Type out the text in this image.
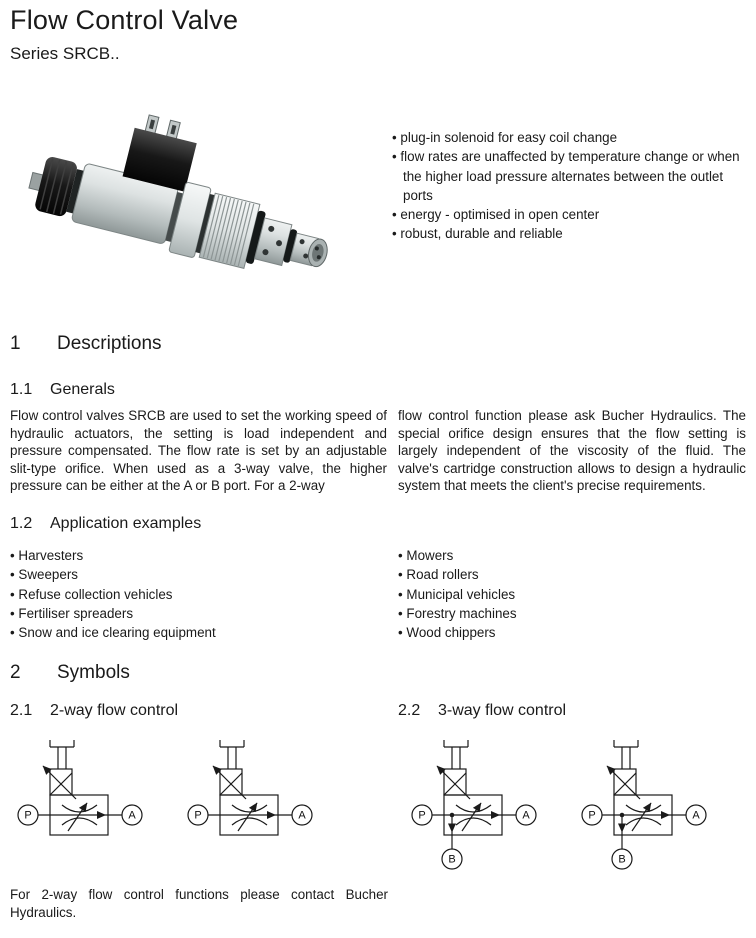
Flow Control Valve
Series SRCB..
• plug-in solenoid for easy coil change
• flow rates are unaffected by temperature change or when the higher load pressure alternates between the outlet ports
• energy - optimised in open center
• robust, durable and reliable
1 Descriptions
1.1 Generals
Flow control valves SRCB are used to set the working speed of hydraulic actuators, the setting is load independent and pressure compensated. The flow rate is set by an adjustable slit-type orifice. When used as a 3-way valve, the higher pressure can be either at the A or B port. For a 2-way
flow control function please ask Bucher Hydraulics. The special orifice design ensures that the flow setting is largely independent of the viscosity of the fluid. The valve's cartridge construction allows to design a hydraulic system that meets the client's precise requirements.
1.2 Application examples
• Harvesters
• Sweepers
• Refuse collection vehicles
• Fertiliser spreaders
• Snow and ice clearing equipment
• Mowers
• Road rollers
• Municipal vehicles
• Forestry machines
• Wood chippers
2 Symbols
2.1 2-way flow control	2.2 3-way flow control
P	A	P	A	P	A
B
P	A
B
For 2-way flow control functions please contact Bucher Hydraulics.
